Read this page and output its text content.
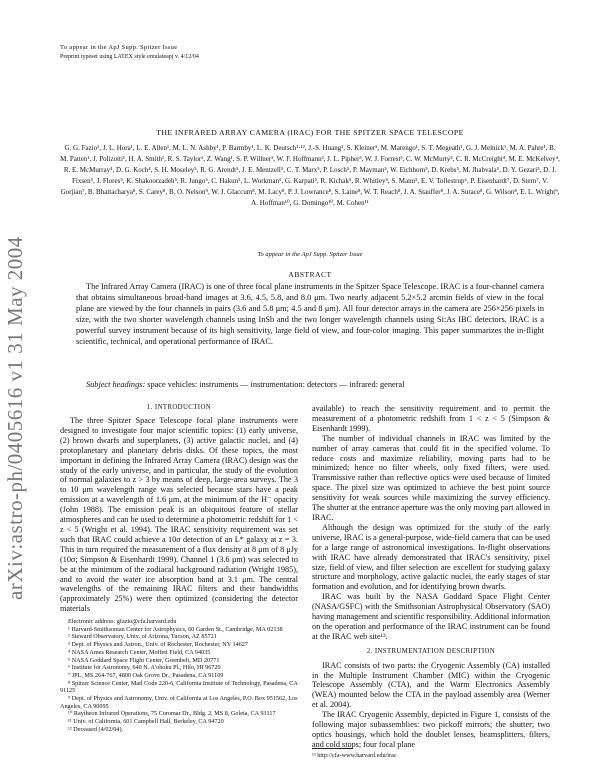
arXiv:astro-ph/0405616 v1 31 May 2004
To appear in the ApJ Supp. Spitzer Issue
Preprint typeset using LATEX style emulateapj v. 4/12/04
THE INFRARED ARRAY CAMERA (IRAC) FOR THE SPITZER SPACE TELESCOPE
G. G. Fazio¹, J. L. Hora¹, L. E. Allen¹, M. L. N. Ashby¹, P. Barmby¹, L. K. Deutsch¹·¹², J.-S. Huang¹, S. Kleiner¹, M. Marengo¹, S. T. Megeath¹, G. J. Melnick¹, M. A. Pahre¹, B. M. Patten¹, J. Polizotti¹, H. A. Smith¹, R. S. Taylor¹, Z. Wang¹, S. P. Willner¹, W. F. Hoffmann², J. L. Pipher³, W. J. Forrest³, C. W. McMurty³, C. R. McCreight⁴, M. E. McKelvey⁴, R. E. McMurray⁴, D. G. Koch⁴, S. H. Moseley⁵, R. G. Arendt⁵, J. E. Mentzell⁵, C. T. Marx⁵, P. Losch⁵, P. Mayman⁵, W. Eichhorn⁵, D. Krebs⁵, M. Jhabvala⁵, D. Y. Gezari⁵, D. J. Fixsen⁵, J. Flores⁵, K. Shakoorzadeh⁵, R. Jungo⁵, C. Hakun⁵, L. Workman⁵, G. Karpati⁵, R. Kichak⁵, R. Whitley⁵, S. Mann⁵, E. V. Tollestrup⁶, P. Eisenhardt⁷, D. Stern⁷, V. Gorjian⁷, B. Bhattacharya⁸, S. Carey⁸, B. O. Nelson⁹, W. J. Glaccum⁸, M. Lacy⁸, P. J. Lowrance⁸, S. Laine⁸, W. T. Reach⁸, J. A. Stauffer⁸, J. A. Surace⁸, G. Wilson⁸, E. L. Wright⁹, A. Hoffman¹⁰, G. Domingo¹⁰, M. Cohen¹¹
To appear in the ApJ Supp. Spitzer Issue
ABSTRACT
The Infrared Array Camera (IRAC) is one of three focal plane instruments in the Spitzer Space Telescope. IRAC is a four-channel camera that obtains simultaneous broad-band images at 3.6, 4.5, 5.8, and 8.0 μm. Two nearly adjacent 5.2×5.2 arcmin fields of view in the focal plane are viewed by the four channels in pairs (3.6 and 5.8 μm; 4.5 and 8 μm). All four detector arrays in the camera are 256×256 pixels in size, with the two shorter wavelength channels using InSb and the two longer wavelength channels using Si:As IBC detectors. IRAC is a powerful survey instrument because of its high sensitivity, large field of view, and four-color imaging. This paper summarizes the in-flight scientific, technical, and operational performance of IRAC.
Subject headings: space vehicles: instruments — instrumentation: detectors — infrared: general
1. INTRODUCTION

The three Spitzer Space Telescope focal plane instruments were designed to investigate four major scientific topics: (1) early universe, (2) brown dwarfs and superplanets, (3) active galactic nuclei, and (4) protoplanetary and planetary debris disks. Of these topics, the most important in defining the Infrared Array Camera (IRAC) design was the study of the early universe, and in particular, the study of the evolution of normal galaxies to z > 3 by means of deep, large-area surveys. The 3 to 10 μm wavelength range was selected because stars have a peak emission at a wavelength of 1.6 μm, at the minimum of the H⁻ opacity (John 1988). The emission peak is an ubiquitous feature of stellar atmospheres and can be used to determine a photometric redshift for 1 < z < 5 (Wright et al. 1994). The IRAC sensitivity requirement was set such that IRAC could achieve a 10σ detection of an L* galaxy at z = 3. This in turn required the measurement of a flux density at 8 μm of 8 μJy (10σ; Simpson & Eisenhardt 1999). Channel 1 (3.6 μm) was selected to be at the minimum of the zodiacal background radiation (Wright 1985), and to avoid the water ice absorption band at 3.1 μm. The central wavelengths of the remaining IRAC filters and their bandwidths (approximately 25%) were then optimized (considering the detector materials

Electronic address: gfazio@cfa.harvard.edu
¹ Harvard-Smithsonian Center for Astrophysics, 60 Garden St., Cambridge, MA 02138
² Steward Observatory, Univ. of Arizona, Tucson, AZ 85721
³ Dept. of Physics and Astron., Univ. of Rochester, Rochester, NY 14627
⁴ NASA Ames Research Center, Moffett Field, CA 94035
⁵ NASA Goddard Space Flight Center, Greenbelt, MD 20771
⁶ Institute for Astronomy, 640 N. A'ohoku Pl., Hilo, HI 96720
⁷ JPL, MS 264-767, 4800 Oak Grove Dr., Pasadena, CA 91109
⁸ Spitzer Science Center, Mail Code 220-6, California Institute of Technology, Pasadena, CA 91125
⁹ Dept. of Physics and Astronomy, Univ. of California at Los Angeles, P.O. Box 951562, Los Angeles, CA 90095
¹⁰ Raytheon Infrared Operations, 75 Coromar Dr., Bldg. 2, MS 8, Goleta, CA 93117
¹¹ Univ. of California, 601 Campbell Hall, Berkeley, CA 94720
¹² Deceased (4/02/04).

available) to reach the sensitivity requirement and to permit the measurement of a photometric redshift from 1 < z < 5 (Simpson & Eisenhardt 1999).

The number of individual channels in IRAC was limited by the number of array cameras that could fit in the specified volume. To reduce costs and maximize reliability, moving parts had to be minimized; hence no filter wheels, only fixed filters, were used. Transmissive rather than reflective optics were used because of limited space. The pixel size was optimized to achieve the best point source sensitivity for weak sources while maximizing the survey efficiency. The shutter at the entrance aperture was the only moving part allowed in IRAC.

Although the design was optimized for the study of the early universe, IRAC is a general-purpose, wide-field camera that can be used for a large range of astronomical investigations. In-flight observations with IRAC have already demonstrated that IRAC's sensitivity, pixel size, field of view, and filter selection are excellent for studying galaxy structure and morphology, active galactic nuclei, the early stages of star formation and evolution, and for identifying brown dwarfs.

IRAC was built by the NASA Goddard Space Flight Center (NASA/GSFC) with the Smithsonian Astrophysical Observatory (SAO) having management and scientific responsibility. Additional information on the operation and performance of the IRAC instrument can be found at the IRAC web site¹³.

2. INSTRUMENTATION DESCRIPTION

IRAC consists of two parts: the Cryogenic Assembly (CA) installed in the Multiple Instrument Chamber (MIC) within the Cryogenic Telescope Assembly (CTA), and the Warm Electronics Assembly (WEA) mounted below the CTA in the payload assembly area (Werner et al. 2004).

The IRAC Cryogenic Assembly, depicted in Figure 1, consists of the following major subassemblies: two pickoff mirrors; the shutter; two optics housings, which hold the doublet lenses, beamsplitters, filters, and cold stops; four focal plane

¹³ http://cfa-www.harvard.edu/irac
